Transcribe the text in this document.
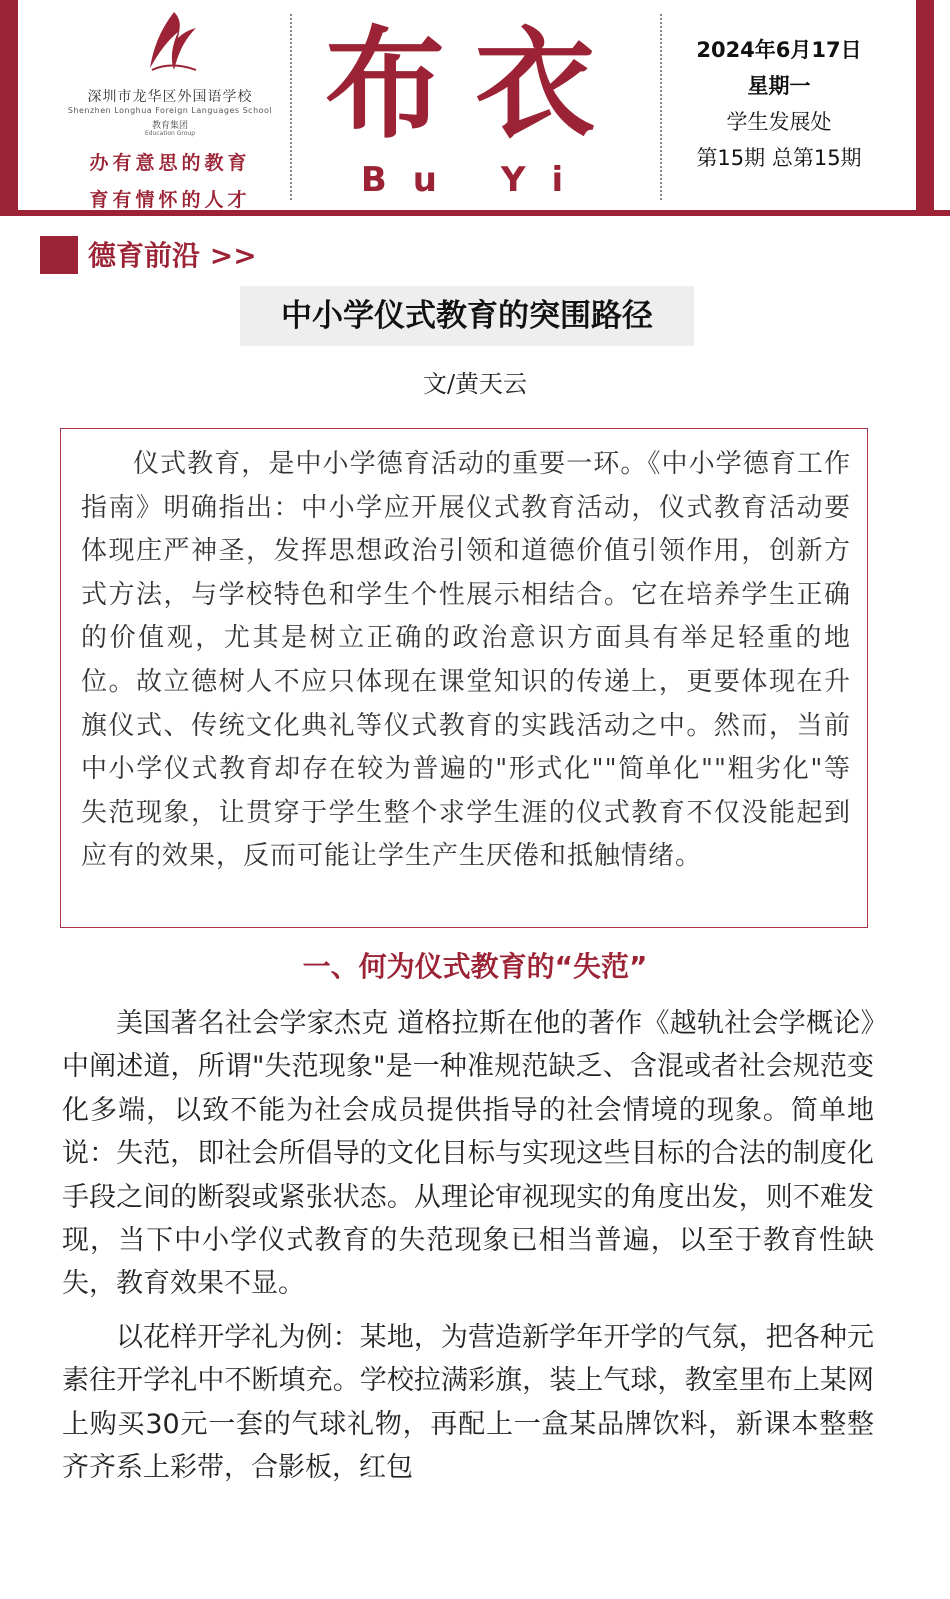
深圳市龙华区外国语学校
Shenzhen Longhua Foreign Languages School
教育集团
Education Group
办有意思的教育
育有情怀的人才
布衣
Bu Yi
2024年6月17日
星期一
学生发展处
第15期 总第15期
德育前沿 >>
中小学仪式教育的突围路径
文/黄天云

仪式教育，是中小学德育活动的重要一环。《中小学德育工作指南》明确指出：中小学应开展仪式教育活动，仪式教育活动要体现庄严神圣，发挥思想政治引领和道德价值引领作用，创新方式方法，与学校特色和学生个性展示相结合。它在培养学生正确的价值观，尤其是树立正确的政治意识方面具有举足轻重的地位。故立德树人不应只体现在课堂知识的传递上，更要体现在升旗仪式、传统文化典礼等仪式教育的实践活动之中。然而，当前中小学仪式教育却存在较为普遍的"形式化""简单化""粗劣化"等失范现象，让贯穿于学生整个求学生涯的仪式教育不仅没能起到应有的效果，反而可能让学生产生厌倦和抵触情绪。

一、何为仪式教育的“失范”

美国著名社会学家杰克 道格拉斯在他的著作《越轨社会学概论》中阐述道，所谓"失范现象"是一种准规范缺乏、含混或者社会规范变化多端，以致不能为社会成员提供指导的社会情境的现象。简单地说：失范，即社会所倡导的文化目标与实现这些目标的合法的制度化手段之间的断裂或紧张状态。从理论审视现实的角度出发，则不难发现，当下中小学仪式教育的失范现象已相当普遍，以至于教育性缺失，教育效果不显。

以花样开学礼为例：某地，为营造新学年开学的气氛，把各种元素往开学礼中不断填充。学校拉满彩旗，装上气球，教室里布上某网上购买30元一套的气球礼物，再配上一盒某品牌饮料，新课本整整齐齐系上彩带，合影板，红包
